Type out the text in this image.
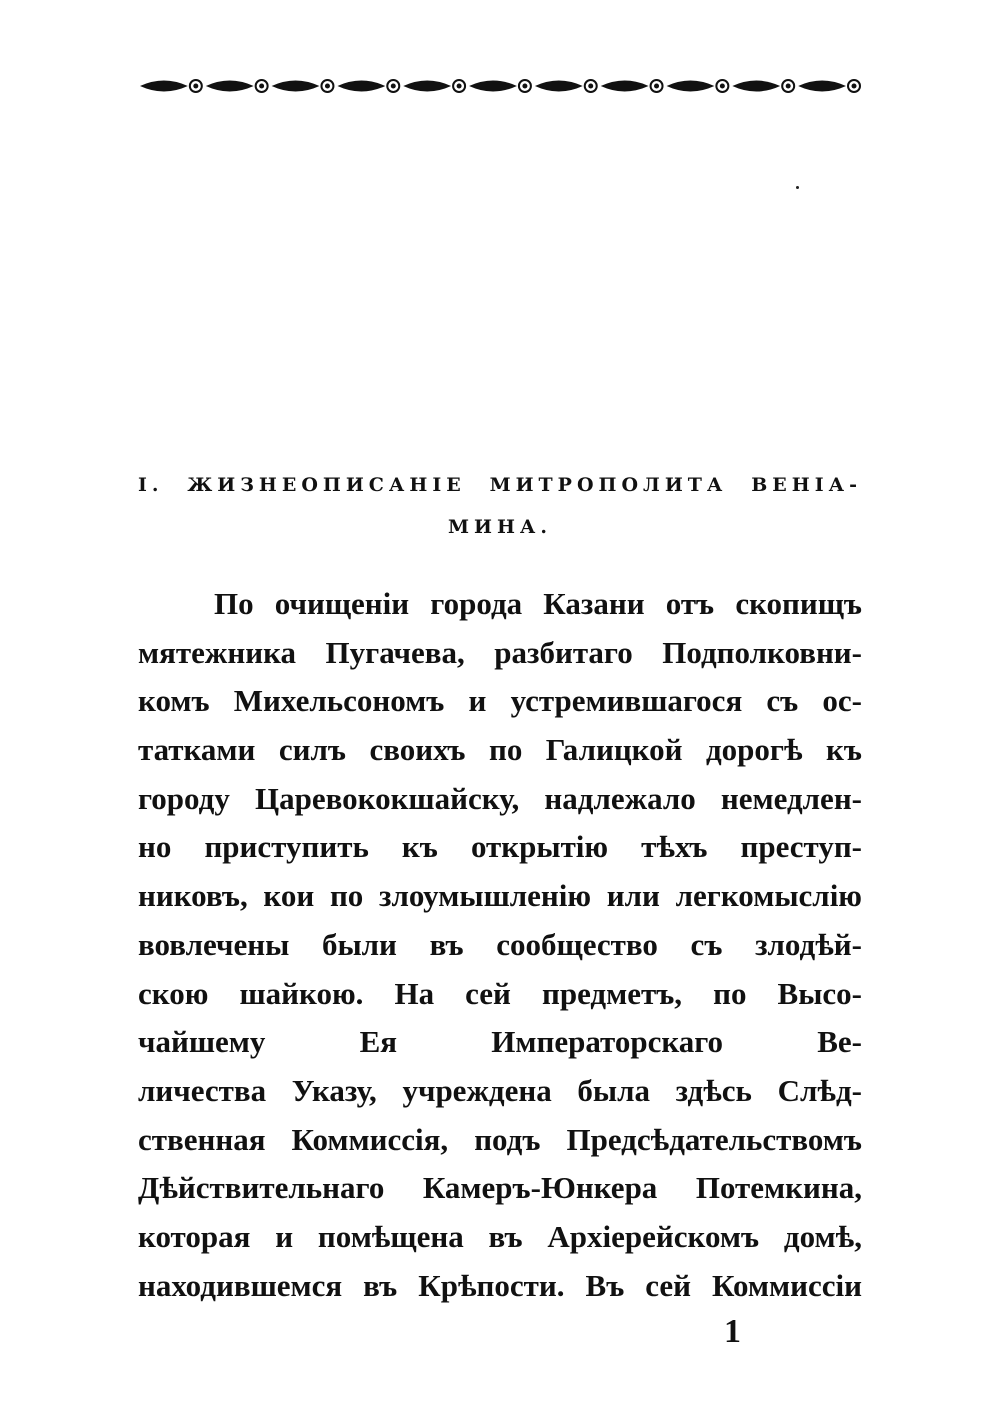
I. ЖИЗНЕОПИСАНІЕ МИТРОПОЛИТА ВЕНІА-
МИНА.
По очищеніи города Казани отъ скопищъ
мятежника Пугачева, разбитаго Подполковни-
комъ Михельсономъ и устремившагося съ ос-
татками силъ своихъ по Галицкой дорогѣ къ
городу Царевококшайску, надлежало немедлен-
но приступить къ открытію тѣхъ преступ-
никовъ, кои по злоумышленію или легкомыслію
вовлечены были въ сообщество съ злодѣй-
скою шайкою. На сей предметъ, по Высо-
чайшему Ея Императорскаго Ве-
личества Указу, учреждена была здѣсь Слѣд-
ственная Коммиссія, подъ Предсѣдательствомъ
Дѣйствительнаго Камеръ-Юнкера Потемкина,
которая и помѣщена въ Архіерейскомъ домѣ,
находившемся въ Крѣпости. Въ сей Коммиссіи
1
